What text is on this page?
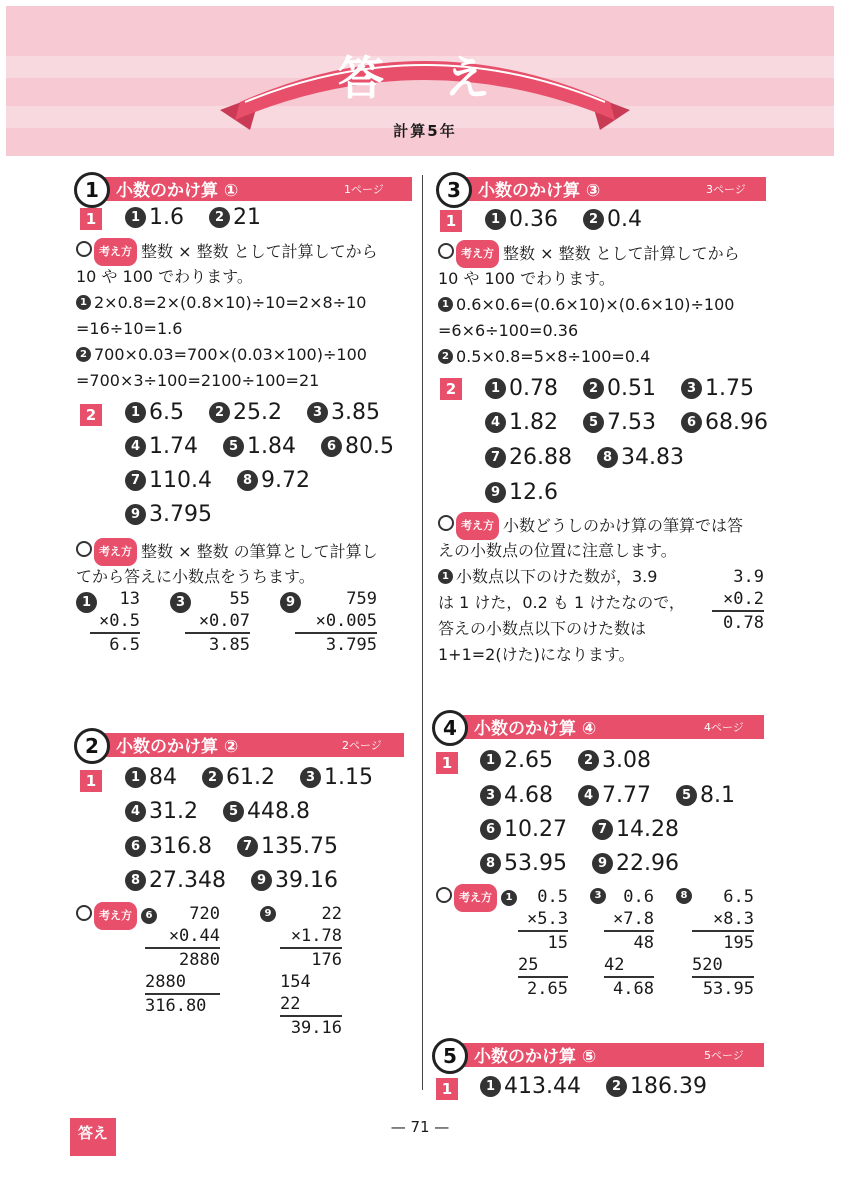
答 え
計算5年
1	小数のかけ算 ①	1ページ
1	1 1.6 2 21
考え方 整数 × 整数 として計算してから
10 や 100 でわります。
1 2×0.8=2×(0.8×10)÷10=2×8÷10
=16÷10=1.6
2 700×0.03=700×(0.03×100)÷100
=700×3÷100=2100÷100=21
2	1 6.5 2 25.2 3 3.85
4 1.74 5 1.84 6 80.5
7 110.4 8 9.72
9 3.795
考え方 整数 × 整数 の筆算として計算し
てから答えに小数点をうちます。
1	13
×0.5
6.5
3	55
×0.07
3.85
9	759
×0.005
3.795
2	小数のかけ算 ②	2ページ
1	1 84 2 61.2 3 1.15
4 31.2 5 448.8
6 316.8 7 135.75
8 27.348 9 39.16
考え方 6	720
×0.44
2880
2880
316.80
9	22
×1.78
176
154
22
39.16
3	小数のかけ算 ③	3ページ
1	1 0.36 2 0.4
考え方 整数 × 整数 として計算してから
10 や 100 でわります。
1 0.6×0.6=(0.6×10)×(0.6×10)÷100
=6×6÷100=0.36
2 0.5×0.8=5×8÷100=0.4
2	1 0.78 2 0.51 3 1.75
4 1.82 5 7.53 6 68.96
7 26.88 8 34.83
9 12.6
考え方 小数どうしのかけ算の筆算では答
えの小数点の位置に注意します。
1 小数点以下のけた数が，3.9
は 1 けた，0.2 も 1 けたなので，
答えの小数点以下のけた数は
1+1=2(けた)になります。
3.9
×0.2
0.78
4	小数のかけ算 ④	4ページ
1	1 2.65 2 3.08
3 4.68 4 7.77 5 8.1
6 10.27 7 14.28
8 53.95 9 22.96
考え方 1	0.5
×5.3
15
25
2.65
3	0.6
×7.8
48
42
4.68
8	6.5
×8.3
195
520
53.95
5	小数のかけ算 ⑤	5ページ
1	1 413.44 2 186.39
答え	— 71 —
